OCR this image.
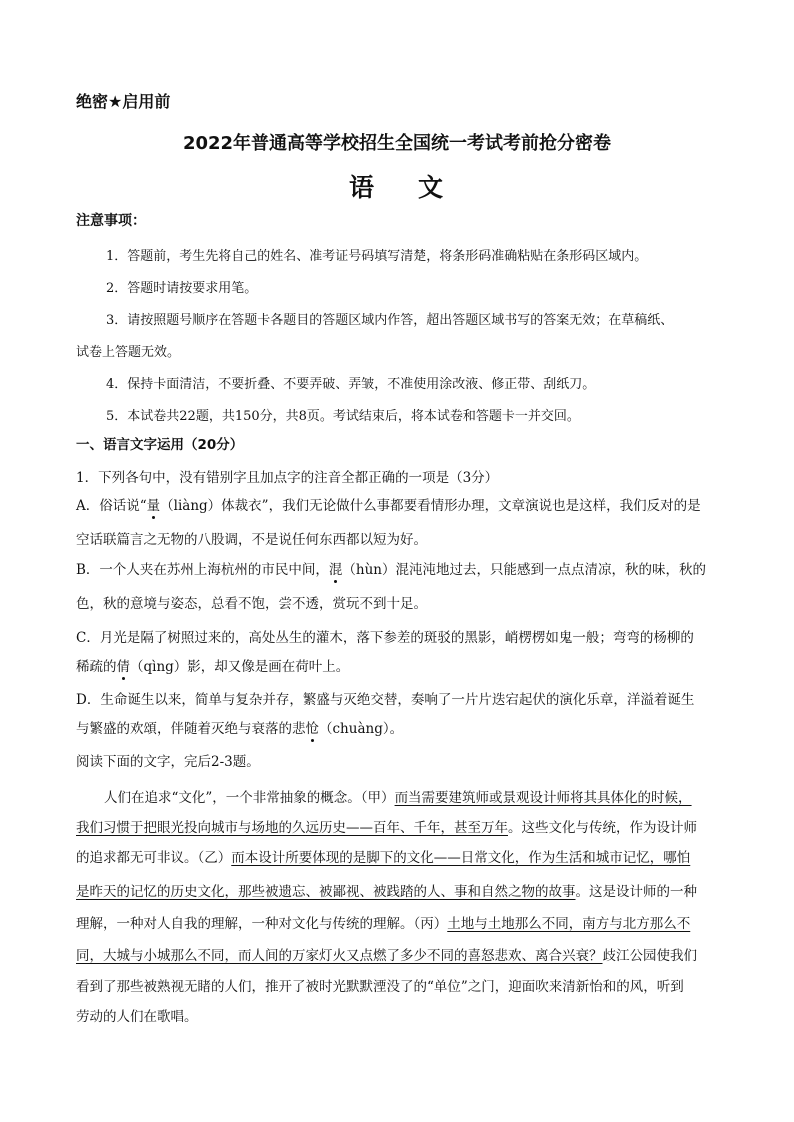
绝密★启用前
2022年普通高等学校招生全国统一考试考前抢分密卷
语 文
注意事项：
1．答题前，考生先将自己的姓名、准考证号码填写清楚，将条形码准确粘贴在条形码区域内。
2．答题时请按要求用笔。
3．请按照题号顺序在答题卡各题目的答题区域内作答，超出答题区域书写的答案无效；在草稿纸、
试卷上答题无效。
4．保持卡面清洁，不要折叠、不要弄破、弄皱，不准使用涂改液、修正带、刮纸刀。
5．本试卷共22题，共150分，共8页。考试结束后，将本试卷和答题卡一并交回。
一、语言文字运用（20分）
1．下列各句中，没有错别字且加点字的注音全都正确的一项是（3分）
A．俗话说“量（liàng）体裁衣”，我们无论做什么事都要看情形办理，文章演说也是这样，我们反对的是
空话联篇言之无物的八股调，不是说任何东西都以短为好。
B．一个人夹在苏州上海杭州的市民中间，混（hùn）混沌沌地过去，只能感到一点点清凉，秋的味，秋的
色，秋的意境与姿态，总看不饱，尝不透，赏玩不到十足。
C．月光是隔了树照过来的，高处丛生的灌木，落下参差的斑驳的黑影，峭楞楞如鬼一般；弯弯的杨柳的
稀疏的倩（qìng）影，却又像是画在荷叶上。
D．生命诞生以来，简单与复杂并存，繁盛与灭绝交替，奏响了一片片迭宕起伏的演化乐章，洋溢着诞生
与繁盛的欢頌，伴随着灭绝与衰落的悲怆（chuàng）。
阅读下面的文字，完后2-3题。
人们在追求“文化”，一个非常抽象的概念。（甲）而当需要建筑师或景观设计师将其具体化的时候，
我们习惯于把眼光投向城市与场地的久远历史——百年、千年，甚至万年。这些文化与传统，作为设计师
的追求都无可非议。（乙）而本设计所要体现的是脚下的文化——日常文化，作为生活和城市记忆，哪怕
是昨天的记忆的历史文化，那些被遗忘、被鄙视、被践踏的人、事和自然之物的故事。这是设计师的一种
理解，一种对人自我的理解，一种对文化与传统的理解。（丙）土地与土地那么不同，南方与北方那么不
同，大城与小城那么不同，而人间的万家灯火又点燃了多少不同的喜怒悲欢、离合兴衰？歧江公园使我们
看到了那些被熟视无睹的人们，推开了被时光默默湮没了的“单位”之门，迎面吹来清新怡和的风，听到
劳动的人们在歌唱。
